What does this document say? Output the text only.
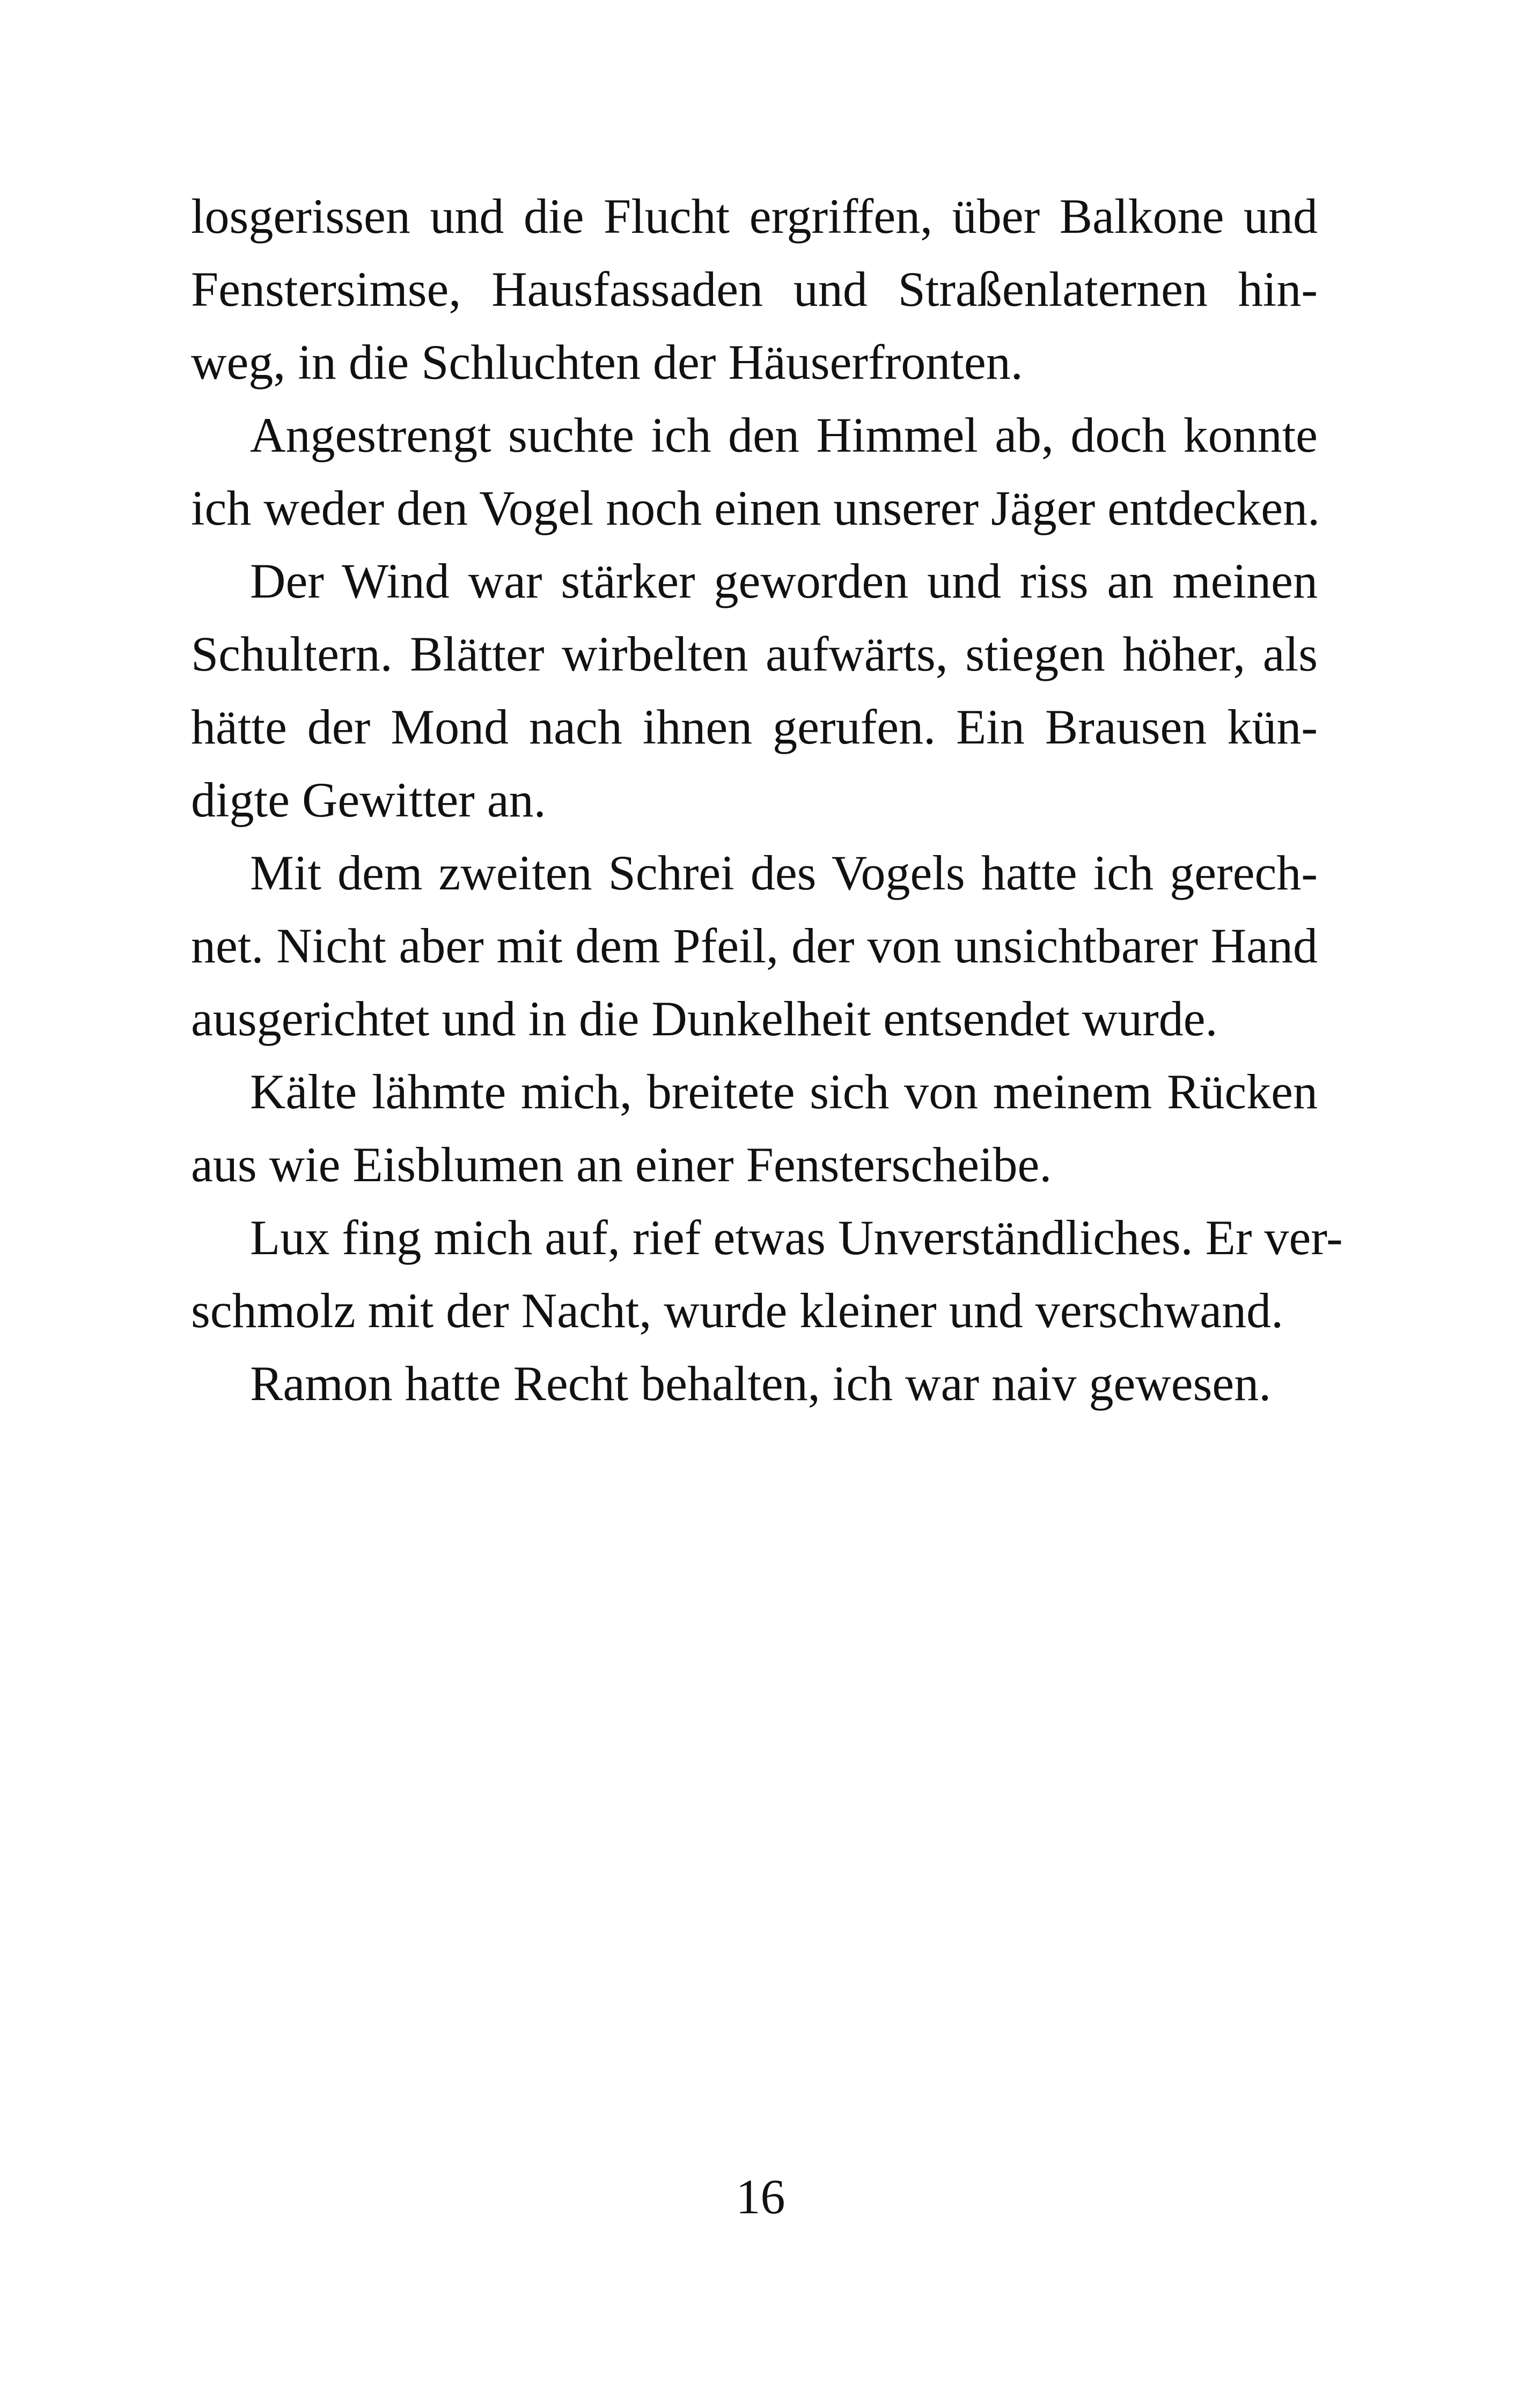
losgerissen und die Flucht ergriffen, über Balkone und
Fenstersimse, Hausfassaden und Straßenlaternen hin-
weg, in die Schluchten der Häuserfronten.
Angestrengt suchte ich den Himmel ab, doch konnte
ich weder den Vogel noch einen unserer Jäger entdecken.
Der Wind war stärker geworden und riss an meinen
Schultern. Blätter wirbelten aufwärts, stiegen höher, als
hätte der Mond nach ihnen gerufen. Ein Brausen kün-
digte Gewitter an.
Mit dem zweiten Schrei des Vogels hatte ich gerech-
net. Nicht aber mit dem Pfeil, der von unsichtbarer Hand
ausgerichtet und in die Dunkelheit entsendet wurde.
Kälte lähmte mich, breitete sich von meinem Rücken
aus wie Eisblumen an einer Fensterscheibe.
Lux fing mich auf, rief etwas Unverständliches. Er ver-
schmolz mit der Nacht, wurde kleiner und verschwand.
Ramon hatte Recht behalten, ich war naiv gewesen.
16
